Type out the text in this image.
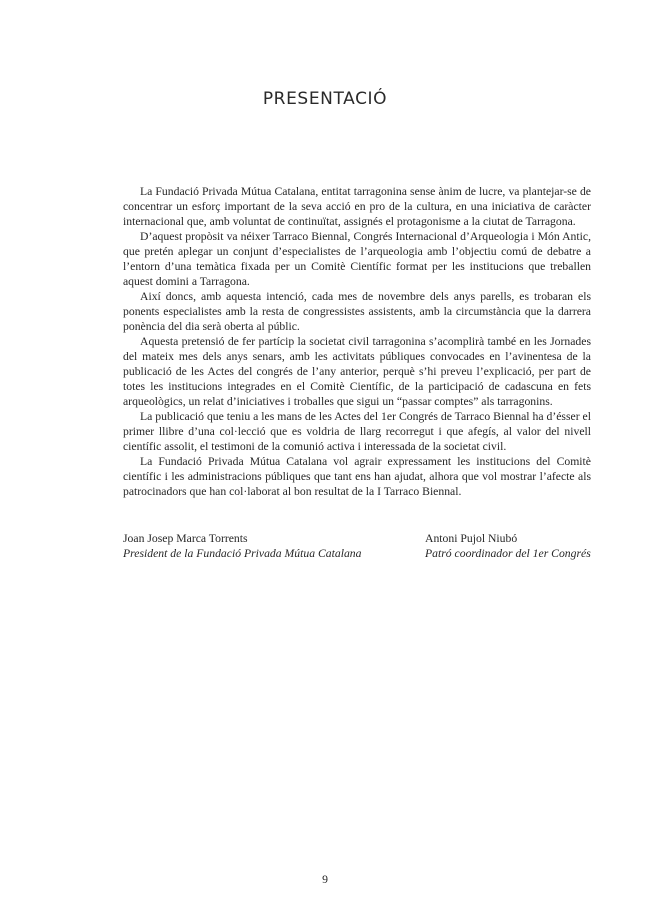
PRESENTACIÓ

La Fundació Privada Mútua Catalana, entitat tarragonina sense ànim de lucre, va plantejar-se de concentrar un esforç important de la seva acció en pro de la cultura, en una iniciativa de caràcter internacional que, amb voluntat de continuïtat, assignés el protagonisme a la ciutat de Tarragona.

D’aquest propòsit va néixer Tarraco Biennal, Congrés Internacional d’Arqueologia i Món Antic, que pretén aplegar un conjunt d’especialistes de l’arqueologia amb l’objectiu comú de debatre a l’entorn d’una temàtica fixada per un Comitè Científic format per les institucions que treballen aquest domini a Tarragona.

Així doncs, amb aquesta intenció, cada mes de novembre dels anys parells, es trobaran els ponents especialistes amb la resta de congressistes assistents, amb la circumstància que la darrera ponència del dia serà oberta al públic.

Aquesta pretensió de fer partícip la societat civil tarragonina s’acomplirà també en les Jornades del mateix mes dels anys senars, amb les activitats públiques convocades en l’avinentesa de la publicació de les Actes del congrés de l’any anterior, perquè s’hi preveu l’explicació, per part de totes les institucions integrades en el Comitè Científic, de la participació de cadascuna en fets arqueològics, un relat d’iniciatives i troballes que sigui un “passar comptes” als tarragonins.

La publicació que teniu a les mans de les Actes del 1er Congrés de Tarraco Biennal ha d’ésser el primer llibre d’una col·lecció que es voldria de llarg recorregut i que afegís, al valor del nivell científic assolit, el testimoni de la comunió activa i interessada de la societat civil.

La Fundació Privada Mútua Catalana vol agrair expressament les institucions del Comitè científic i les administracions públiques que tant ens han ajudat, alhora que vol mostrar l’afecte als patrocinadors que han col·laborat al bon resultat de la I Tarraco Biennal.

Joan Josep Marca Torrents
President de la Fundació Privada Mútua Catalana
Antoni Pujol Niubó
Patró coordinador del 1er Congrés
9
